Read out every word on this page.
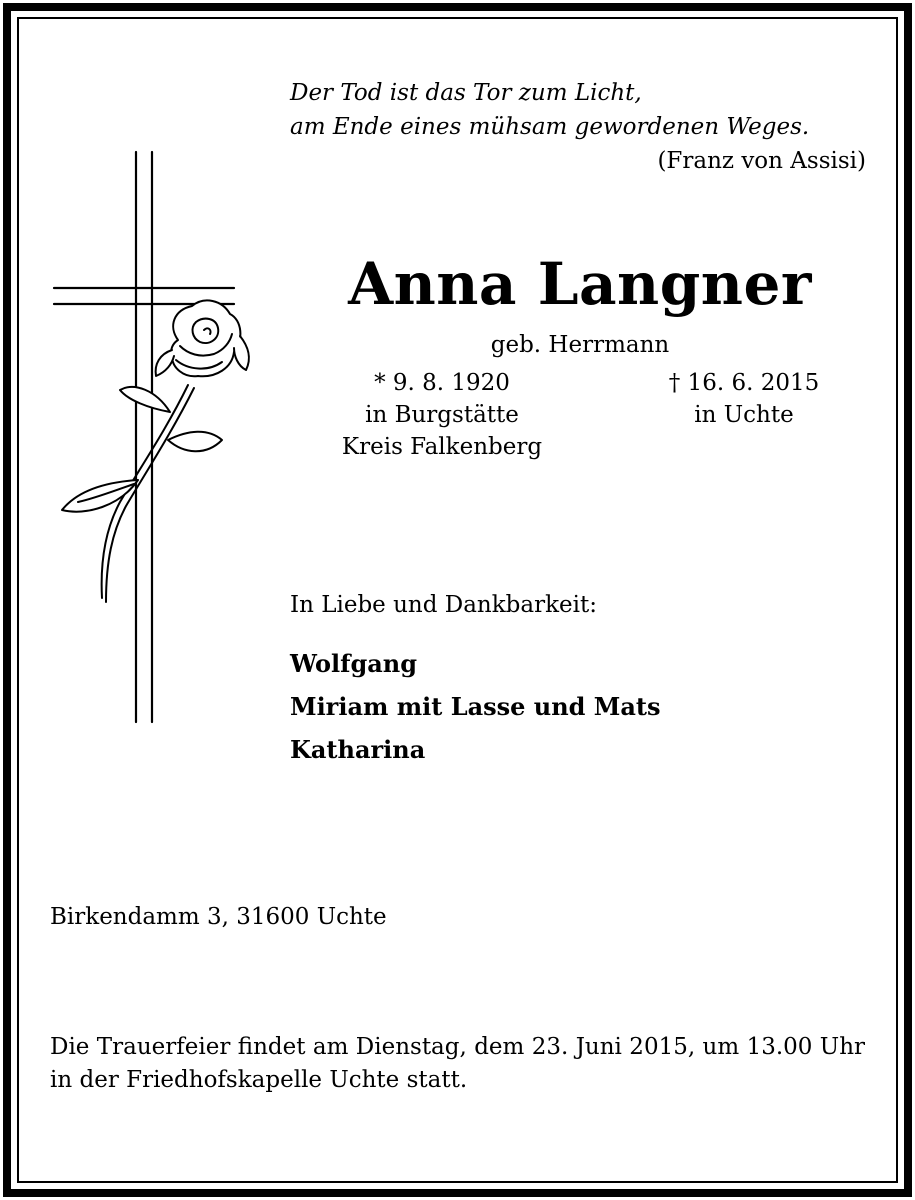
Der Tod ist das Tor zum Licht,
am Ende eines mühsam gewordenen Weges.
(Franz von Assisi)
Anna Langner
geb. Herrmann
* 9. 8. 1920
in Burgstätte
Kreis Falkenberg
† 16. 6. 2015
in Uchte
In Liebe und Dankbarkeit:
Wolfgang
Miriam mit Lasse und Mats
Katharina
Birkendamm 3, 31600 Uchte
Die Trauerfeier findet am Dienstag, dem 23. Juni 2015, um 13.00 Uhr in der Friedhofskapelle Uchte statt.
